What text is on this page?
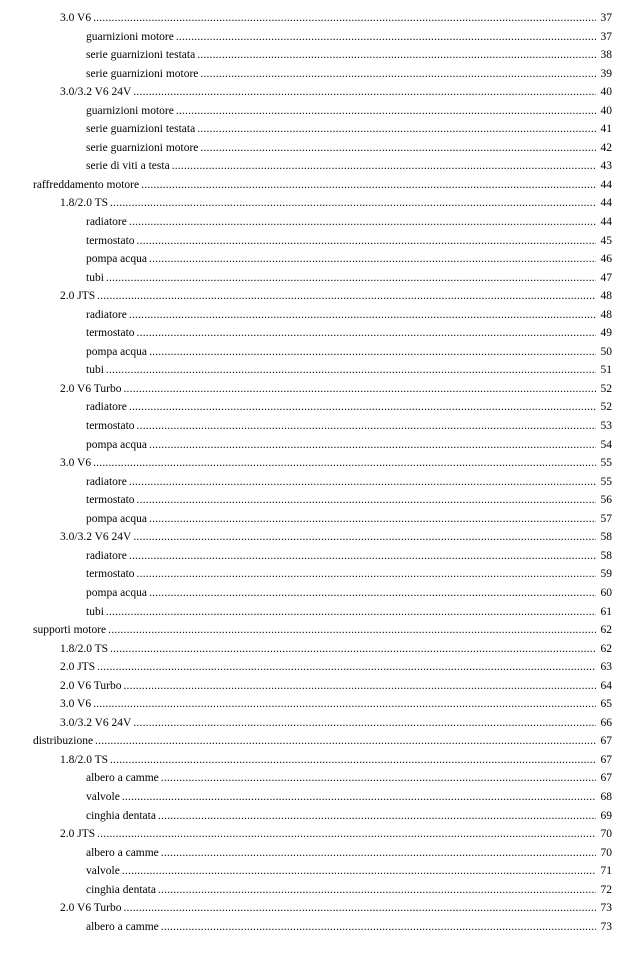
3.0 V6 .....	37
guarnizioni motore .....	37
serie guarnizioni testata .....	38
serie guarnizioni motore .....	39
3.0/3.2 V6 24V .....	40
guarnizioni motore .....	40
serie guarnizioni testata .....	41
serie guarnizioni motore .....	42
serie di viti a testa .....	43
raffreddamento motore .....	44
1.8/2.0 TS .....	44
radiatore .....	44
termostato .....	45
pompa acqua .....	46
tubi .....	47
2.0 JTS .....	48
radiatore .....	48
termostato .....	49
pompa acqua .....	50
tubi .....	51
2.0 V6 Turbo .....	52
radiatore .....	52
termostato .....	53
pompa acqua .....	54
3.0 V6 .....	55
radiatore .....	55
termostato .....	56
pompa acqua .....	57
3.0/3.2 V6 24V .....	58
radiatore .....	58
termostato .....	59
pompa acqua .....	60
tubi .....	61
supporti motore .....	62
1.8/2.0 TS .....	62
2.0 JTS .....	63
2.0 V6 Turbo .....	64
3.0 V6 .....	65
3.0/3.2 V6 24V .....	66
distribuzione .....	67
1.8/2.0 TS .....	67
albero a camme .....	67
valvole .....	68
cinghia dentata .....	69
2.0 JTS .....	70
albero a camme .....	70
valvole .....	71
cinghia dentata .....	72
2.0 V6 Turbo .....	73
albero a camme .....	73
